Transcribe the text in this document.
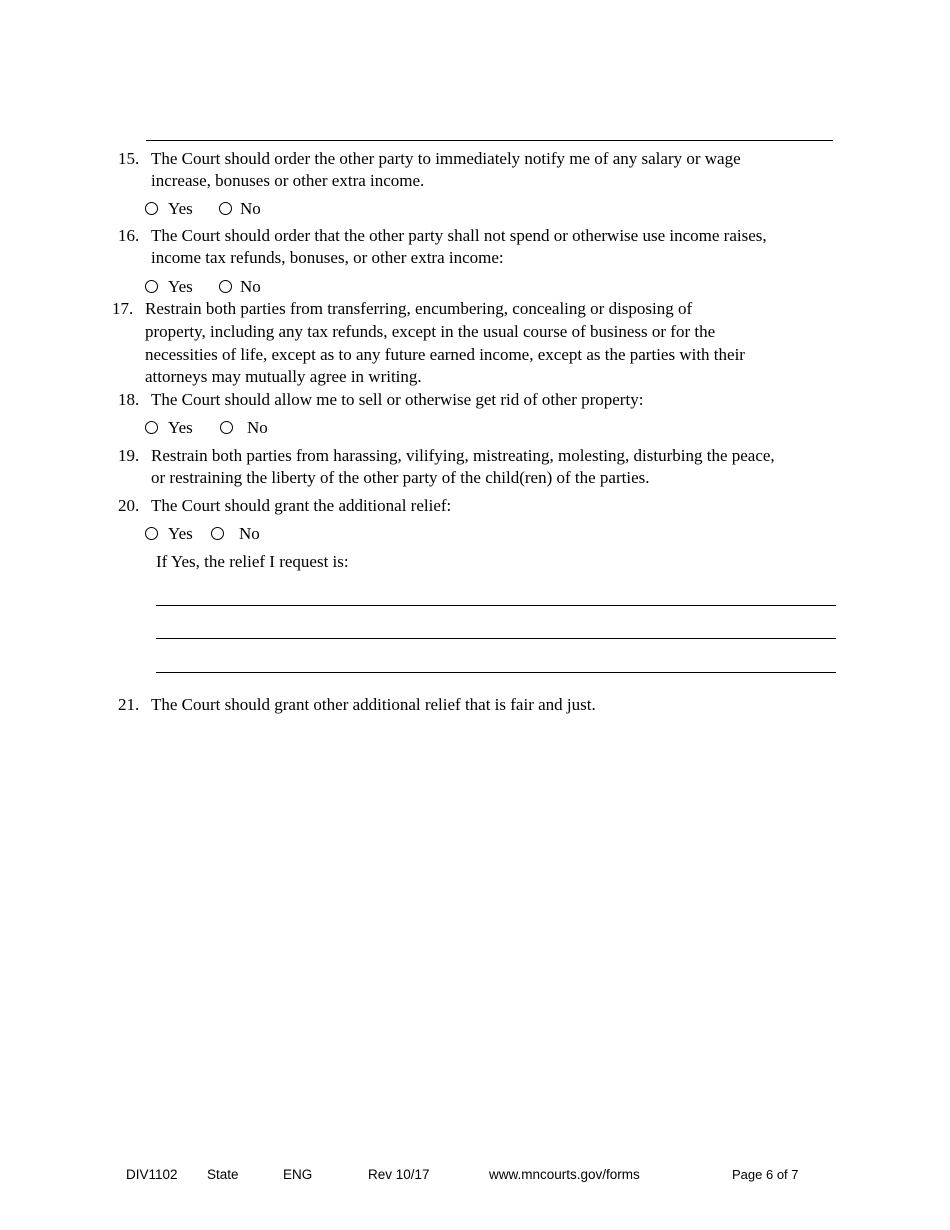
15. The Court should order the other party to immediately notify me of any salary or wage
increase, bonuses or other extra income.
Yes	No
16. The Court should order that the other party shall not spend or otherwise use income raises,
income tax refunds, bonuses, or other extra income:
Yes	No
17. Restrain both parties from transferring, encumbering, concealing or disposing of
property, including any tax refunds, except in the usual course of business or for the
necessities of life, except as to any future earned income, except as the parties with their
attorneys may mutually agree in writing.
18. The Court should allow me to sell or otherwise get rid of other property:
Yes	No
19. Restrain both parties from harassing, vilifying, mistreating, molesting, disturbing the peace,
or restraining the liberty of the other party of the child(ren) of the parties.
20. The Court should grant the additional relief:
Yes	No
If Yes, the relief I request is:
21. The Court should grant other additional relief that is fair and just.
DIV1102 State	ENG	Rev 10/17	www.mncourts.gov/forms	Page 6 of 7
